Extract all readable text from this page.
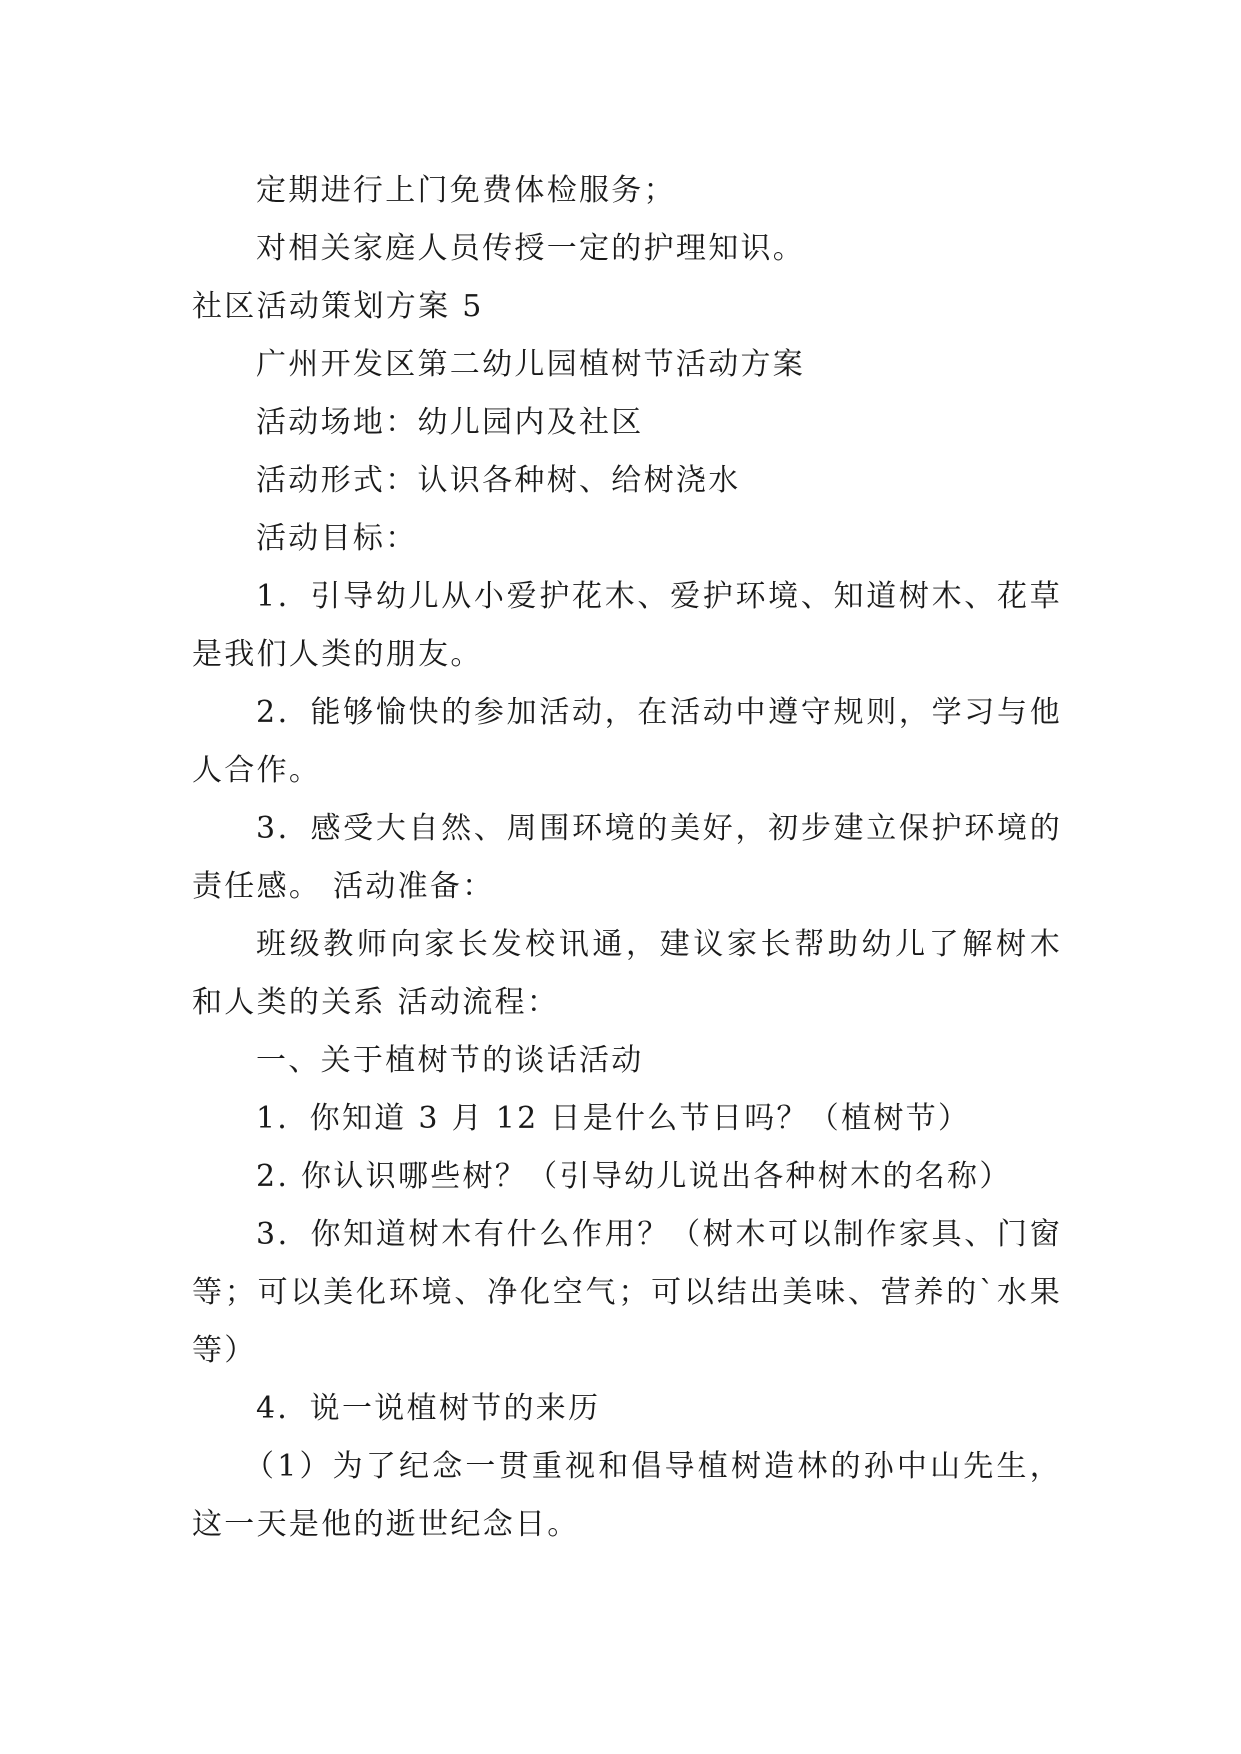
定期进行上门免费体检服务；

对相关家庭人员传授一定的护理知识。

社区活动策划方案 5

广州开发区第二幼儿园植树节活动方案

活动场地：幼儿园内及社区

活动形式：认识各种树、给树浇水

活动目标：

1．引导幼儿从小爱护花木、爱护环境、知道树木、花草是我们人类的朋友。

2．能够愉快的参加活动，在活动中遵守规则，学习与他人合作。

3．感受大自然、周围环境的美好，初步建立保护环境的责任感。 活动准备：

班级教师向家长发校讯通，建议家长帮助幼儿了解树木和人类的关系 活动流程：

一、关于植树节的谈话活动

1．你知道 3 月 12 日是什么节日吗？（植树节）

2. 你认识哪些树？（引导幼儿说出各种树木的名称）

3．你知道树木有什么作用？（树木可以制作家具、门窗等；可以美化环境、净化空气；可以结出美味、营养的`水果等）

4．说一说植树节的来历

（1）为了纪念一贯重视和倡导植树造林的孙中山先生，这一天是他的逝世纪念日。
